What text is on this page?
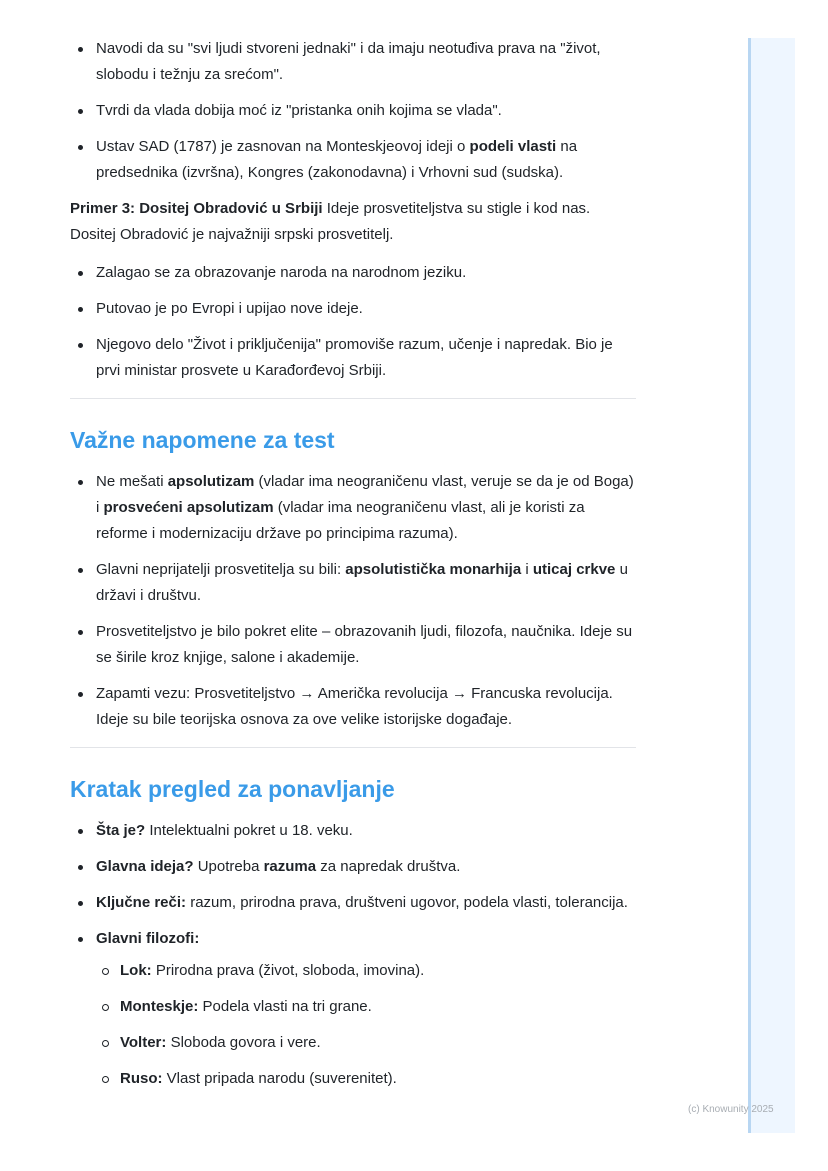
Navodi da su "svi ljudi stvoreni jednaki" i da imaju neotuđiva prava na "život, slobodu i težnju za srećom".
Tvrdi da vlada dobija moć iz "pristanka onih kojima se vlada".
Ustav SAD (1787) je zasnovan na Monteskjeovoj ideji o podeli vlasti na predsednika (izvršna), Kongres (zakonodavna) i Vrhovni sud (sudska).

Primer 3: Dositej Obradović u Srbiji Ideje prosvetiteljstva su stigle i kod nas. Dositej Obradović je najvažniji srpski prosvetitelj.

Zalagao se za obrazovanje naroda na narodnom jeziku.
Putovao je po Evropi i upijao nove ideje.
Njegovo delo "Život i priključenija" promoviše razum, učenje i napredak. Bio je prvi ministar prosvete u Karađorđevoj Srbiji.
Važne napomene za test
Ne mešati apsolutizam (vladar ima neograničenu vlast, veruje se da je od Boga) i prosvećeni apsolutizam (vladar ima neograničenu vlast, ali je koristi za reforme i modernizaciju države po principima razuma).
Glavni neprijatelji prosvetitelja su bili: apsolutistička monarhija i uticaj crkve u državi i društvu.
Prosvetiteljstvo je bilo pokret elite – obrazovanih ljudi, filozofa, naučnika. Ideje su se širile kroz knjige, salone i akademije.
Zapamti vezu: Prosvetiteljstvo → Američka revolucija → Francuska revolucija. Ideje su bile teorijska osnova za ove velike istorijske događaje.
Kratak pregled za ponavljanje
Šta je? Intelektualni pokret u 18. veku.
Glavna ideja? Upotreba razuma za napredak društva.
Ključne reči: razum, prirodna prava, društveni ugovor, podela vlasti, tolerancija.
Glavni filozofi:
Lok: Prirodna prava (život, sloboda, imovina).
Monteskje: Podela vlasti na tri grane.
Volter: Sloboda govora i vere.
Ruso: Vlast pripada narodu (suverenitet).
(c) Knowunity 2025
